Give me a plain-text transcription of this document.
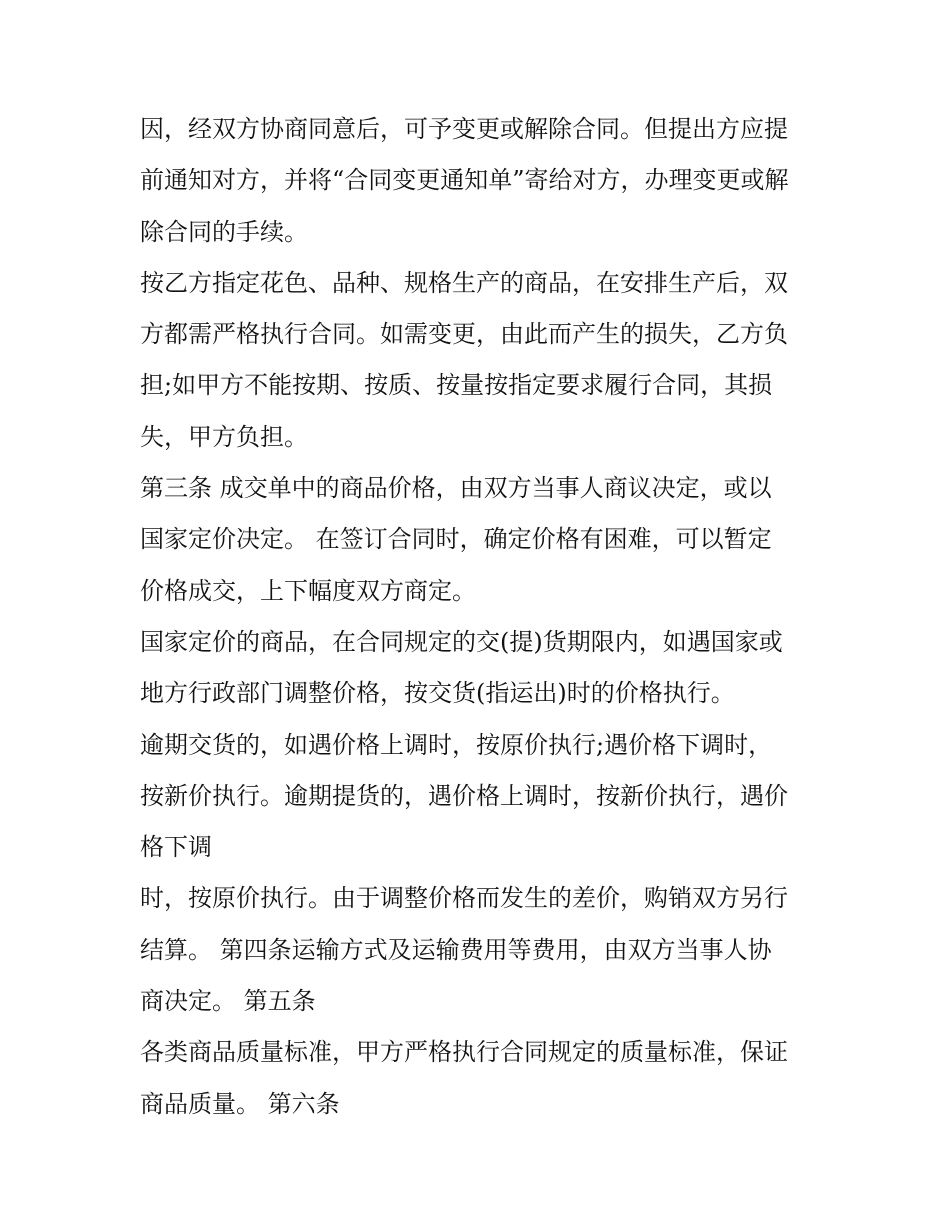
因，经双方协商同意后，可予变更或解除合同。但提出方应提
前通知对方，并将“合同变更通知单”寄给对方，办理变更或解
除合同的手续。
按乙方指定花色、品种、规格生产的商品，在安排生产后，双
方都需严格执行合同。如需变更，由此而产生的损失，乙方负
担;如甲方不能按期、按质、按量按指定要求履行合同，其损
失，甲方负担。
第三条 成交单中的商品价格，由双方当事人商议决定，或以
国家定价决定。 在签订合同时，确定价格有困难，可以暂定
价格成交，上下幅度双方商定。
国家定价的商品，在合同规定的交(提)货期限内，如遇国家或
地方行政部门调整价格，按交货(指运出)时的价格执行。
逾期交货的，如遇价格上调时，按原价执行;遇价格下调时，
按新价执行。逾期提货的，遇价格上调时，按新价执行，遇价
格下调
时，按原价执行。由于调整价格而发生的差价，购销双方另行
结算。 第四条运输方式及运输费用等费用，由双方当事人协
商决定。 第五条
各类商品质量标准，甲方严格执行合同规定的质量标准，保证
商品质量。 第六条
